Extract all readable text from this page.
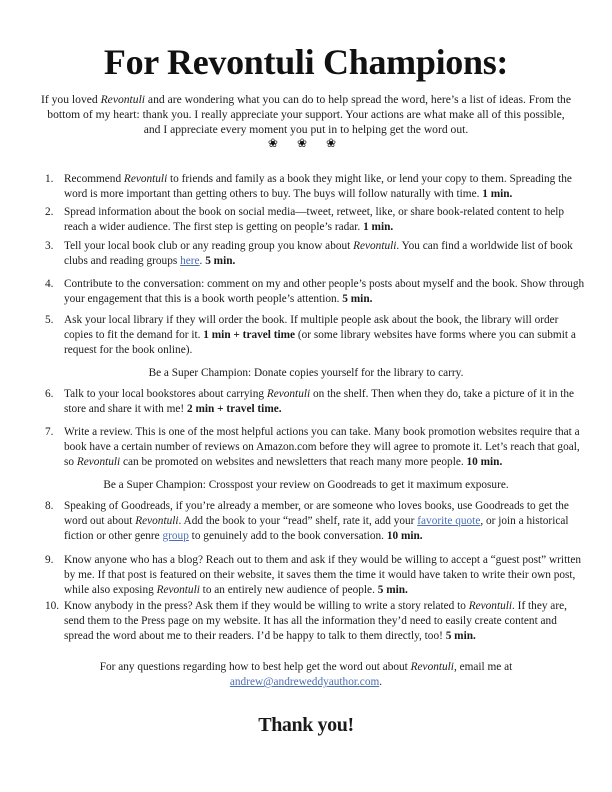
For Revontuli Champions:

If you loved Revontuli and are wondering what you can do to help spread the word, here’s a list of ideas. From the bottom of my heart: thank you. I really appreciate your support. Your actions are what make all of this possible, and I appreciate every moment you put in to helping get the word out.

❀ ❀ ❀
1. Recommend Revontuli to friends and family as a book they might like, or lend your copy to them. Spreading the word is more important than getting others to buy. The buys will follow naturally with time. 1 min.
2. Spread information about the book on social media—tweet, retweet, like, or share book-related content to help reach a wider audience. The first step is getting on people’s radar. 1 min.
3. Tell your local book club or any reading group you know about Revontuli. You can find a worldwide list of book clubs and reading groups here. 5 min.
4. Contribute to the conversation: comment on my and other people’s posts about myself and the book. Show through your engagement that this is a book worth people’s attention. 5 min.
5. Ask your local library if they will order the book. If multiple people ask about the book, the library will order copies to fit the demand for it. 1 min + travel time (or some library websites have forms where you can submit a request for the book online).
Be a Super Champion: Donate copies yourself for the library to carry.
6. Talk to your local bookstores about carrying Revontuli on the shelf. Then when they do, take a picture of it in the store and share it with me! 2 min + travel time.
7. Write a review. This is one of the most helpful actions you can take. Many book promotion websites require that a book have a certain number of reviews on Amazon.com before they will agree to promote it. Let’s reach that goal, so Revontuli can be promoted on websites and newsletters that reach many more people. 10 min.
Be a Super Champion: Crosspost your review on Goodreads to get it maximum exposure.
8. Speaking of Goodreads, if you’re already a member, or are someone who loves books, use Goodreads to get the word out about Revontuli. Add the book to your “read” shelf, rate it, add your favorite quote, or join a historical fiction or other genre group to genuinely add to the book conversation. 10 min.
9. Know anyone who has a blog? Reach out to them and ask if they would be willing to accept a “guest post” written by me. If that post is featured on their website, it saves them the time it would have taken to write their own post, while also exposing Revontuli to an entirely new audience of people. 5 min.
10. Know anybody in the press? Ask them if they would be willing to write a story related to Revontuli. If they are, send them to the Press page on my website. It has all the information they’d need to easily create content and spread the word about me to their readers. I’d be happy to talk to them directly, too! 5 min.
For any questions regarding how to best help get the word out about Revontuli, email me at
andrew@andreweddyauthor.com.
Thank you!
